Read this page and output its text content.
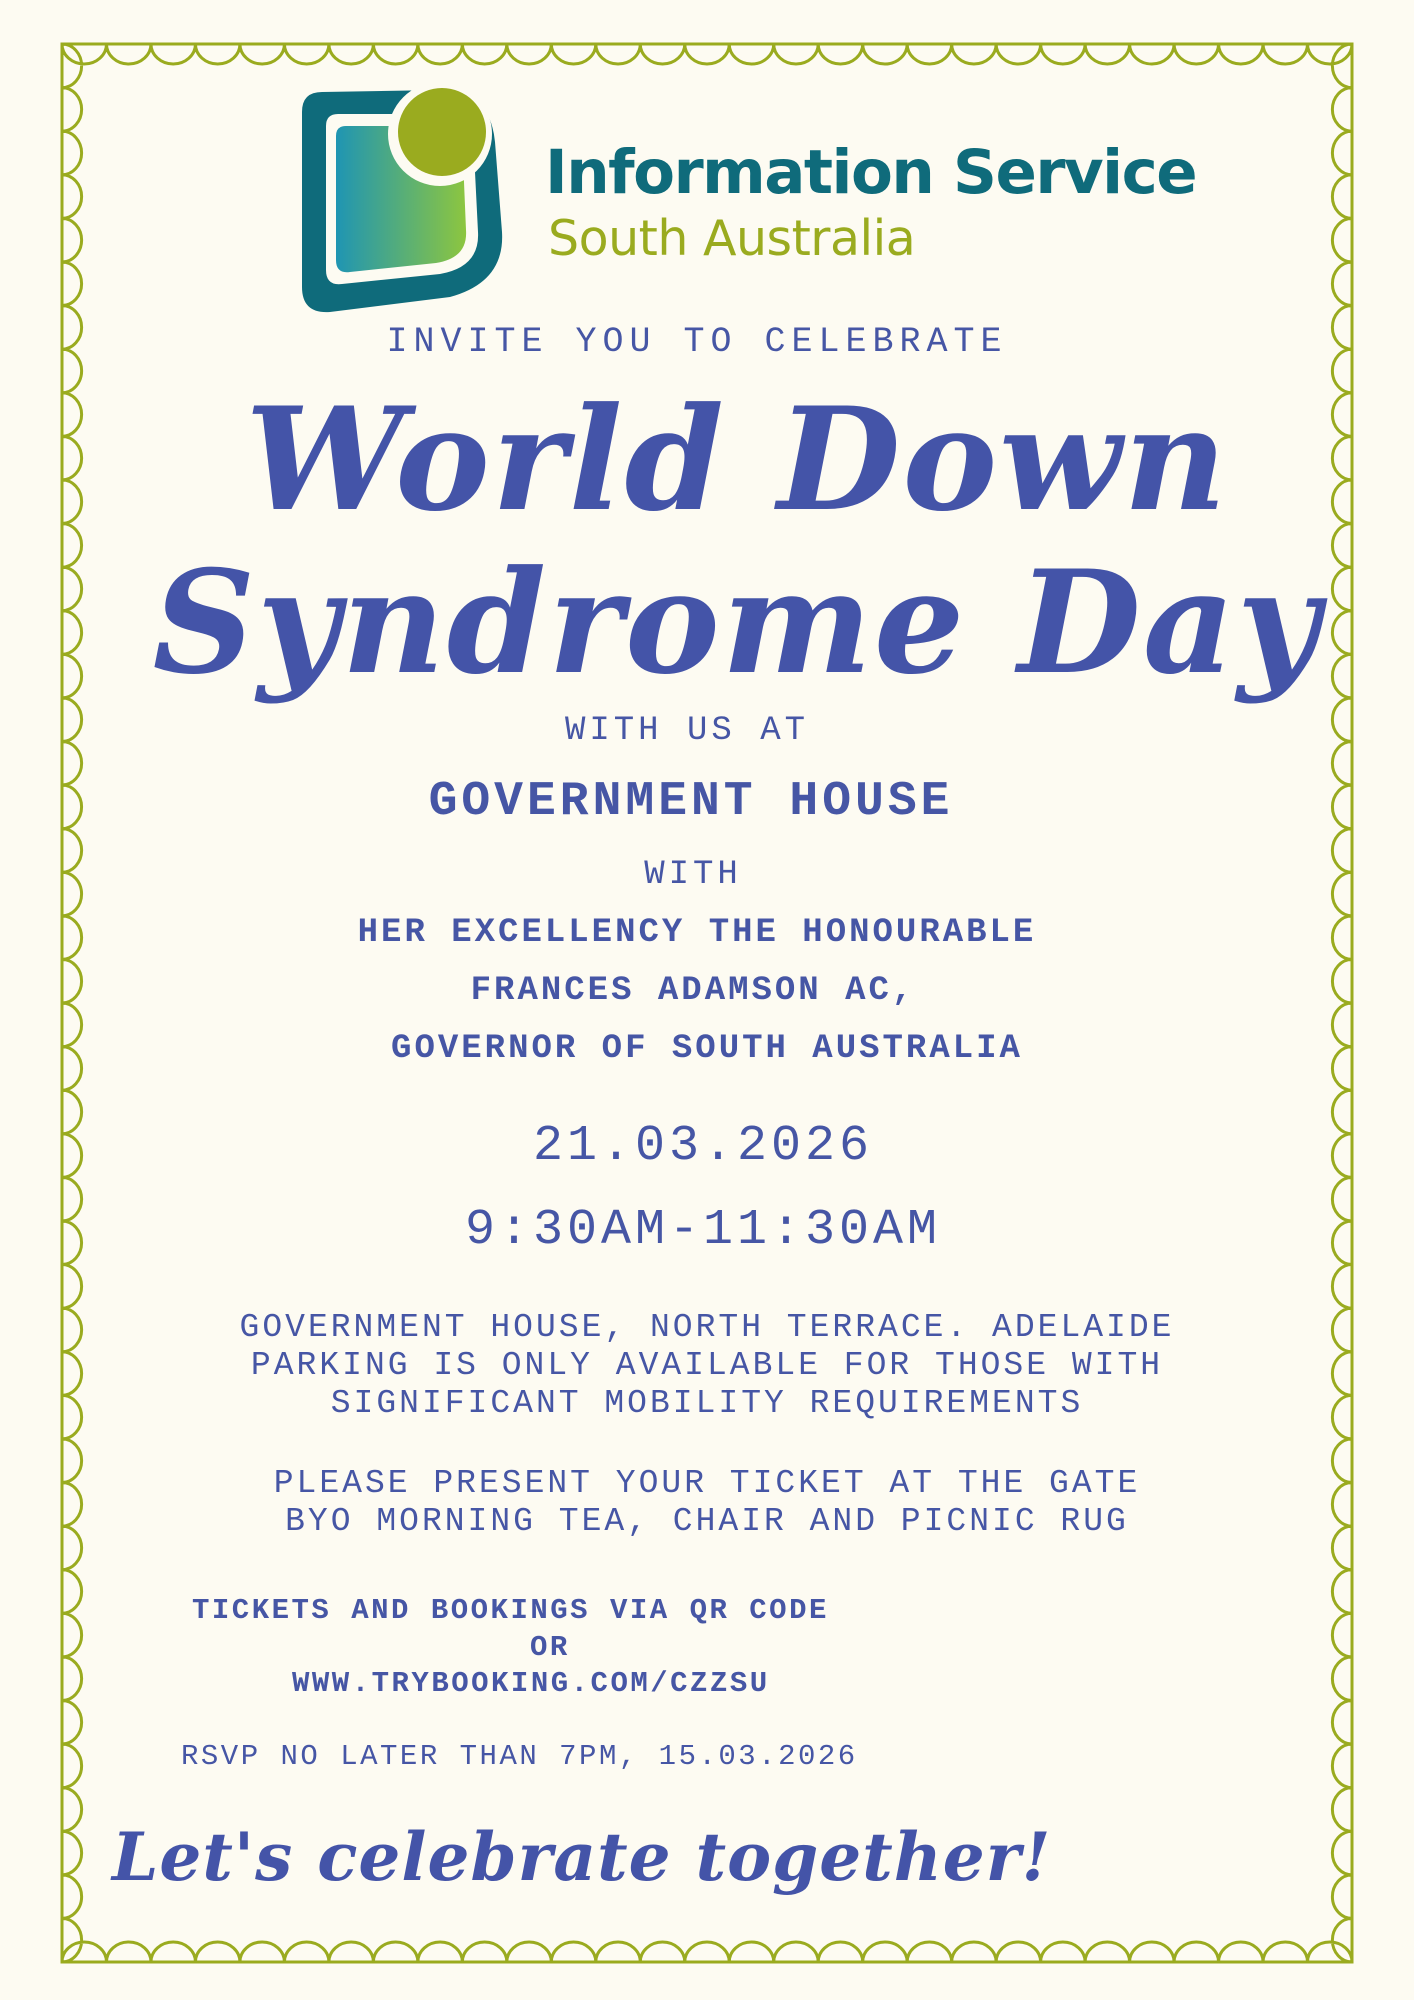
Information Service
South Australia
INVITE YOU TO CELEBRATE
World Down
Syndrome Day
WITH US AT
GOVERNMENT HOUSE
WITH
HER EXCELLENCY THE HONOURABLE
FRANCES ADAMSON AC,
GOVERNOR OF SOUTH AUSTRALIA
21.03.2026
9:30AM-11:30AM
GOVERNMENT HOUSE, NORTH TERRACE. ADELAIDE
PARKING IS ONLY AVAILABLE FOR THOSE WITH
SIGNIFICANT MOBILITY REQUIREMENTS
PLEASE PRESENT YOUR TICKET AT THE GATE
BYO MORNING TEA, CHAIR AND PICNIC RUG
TICKETS AND BOOKINGS VIA QR CODE
OR
WWW.TRYBOOKING.COM/CZZSU
RSVP NO LATER THAN 7PM, 15.03.2026
Let's celebrate together!
